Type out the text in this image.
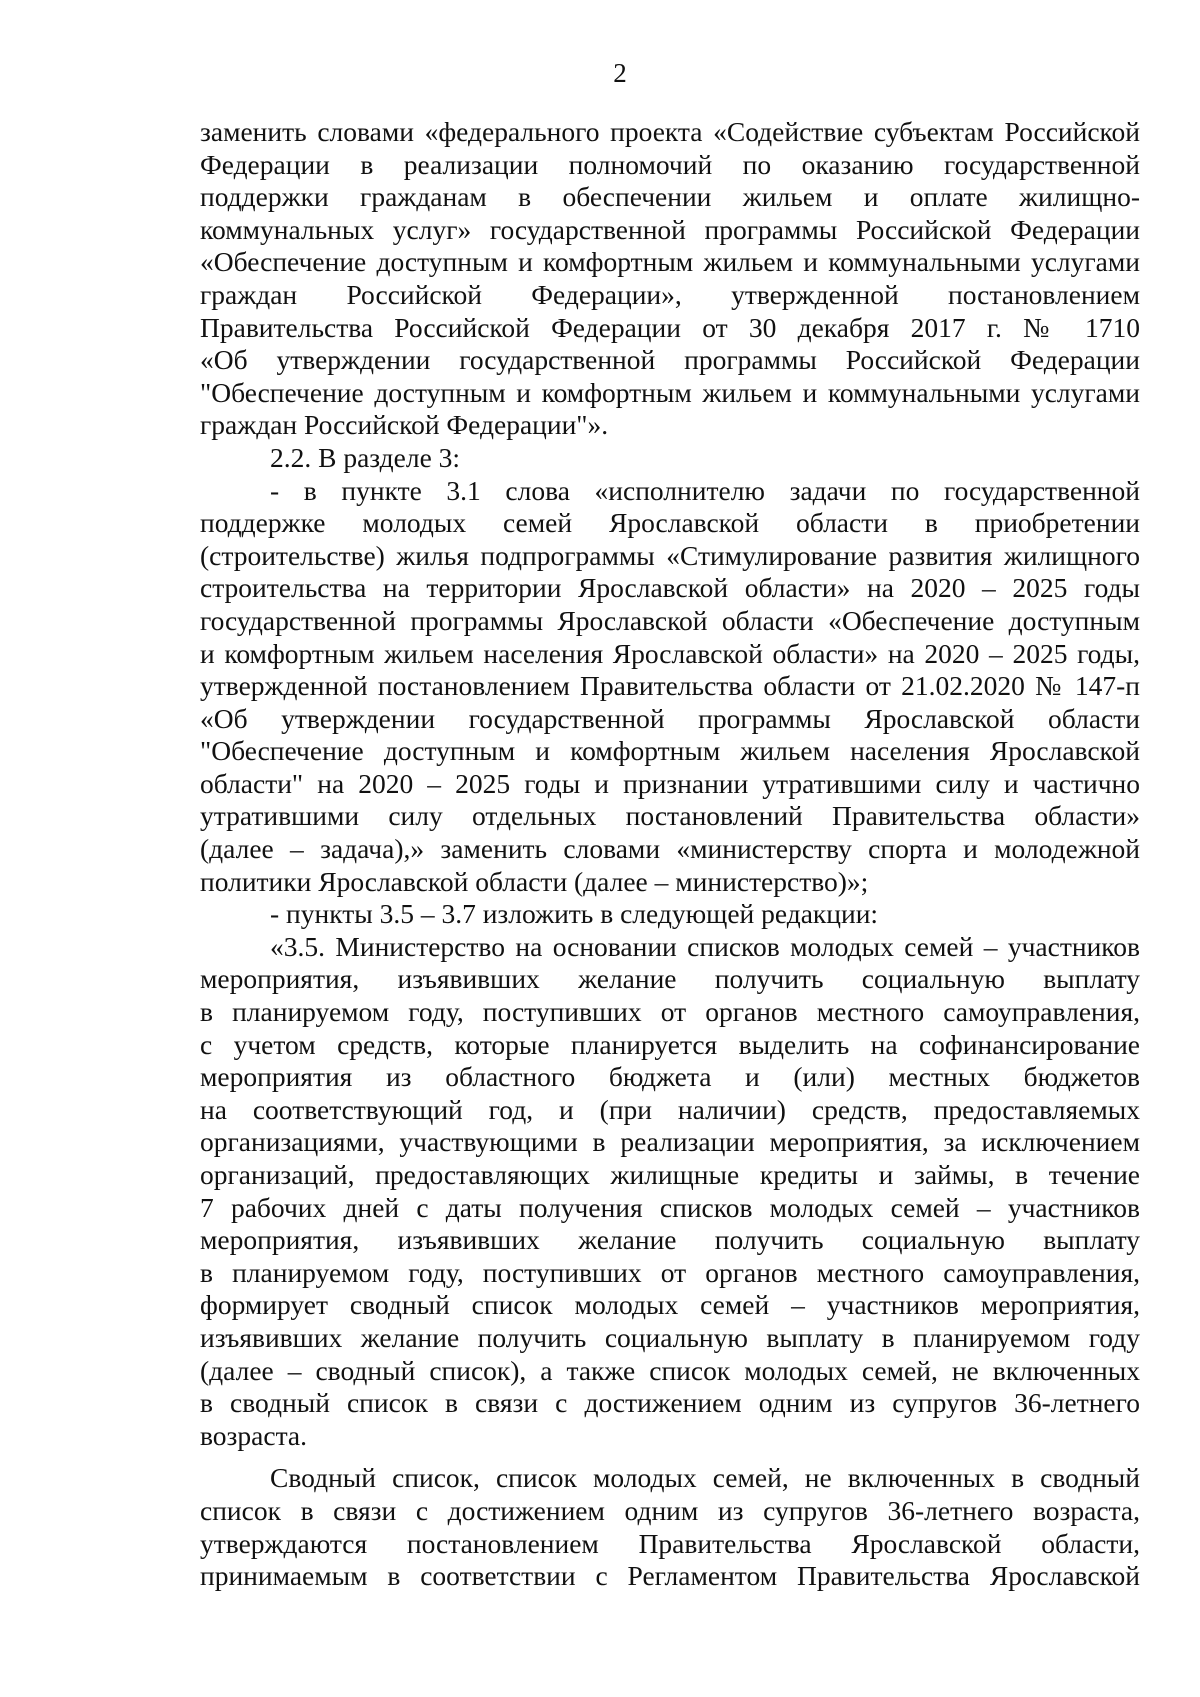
2
заменить словами «федерального проекта «Содействие субъектам Российской
Федерации в реализации полномочий по оказанию государственной
поддержки гражданам в обеспечении жильем и оплате жилищно-
коммунальных услуг» государственной программы Российской Федерации
«Обеспечение доступным и комфортным жильем и коммунальными услугами
граждан Российской Федерации», утвержденной постановлением
Правительства Российской Федерации от 30 декабря 2017 г. № 1710
«Об утверждении государственной программы Российской Федерации
"Обеспечение доступным и комфортным жильем и коммунальными услугами
граждан Российской Федерации"».
2.2. В разделе 3:
- в пункте 3.1 слова «исполнителю задачи по государственной
поддержке молодых семей Ярославской области в приобретении
(строительстве) жилья подпрограммы «Стимулирование развития жилищного
строительства на территории Ярославской области» на 2020 – 2025 годы
государственной программы Ярославской области «Обеспечение доступным
и комфортным жильем населения Ярославской области» на 2020 – 2025 годы,
утвержденной постановлением Правительства области от 21.02.2020 № 147-п
«Об утверждении государственной программы Ярославской области
"Обеспечение доступным и комфортным жильем населения Ярославской
области" на 2020 – 2025 годы и признании утратившими силу и частично
утратившими силу отдельных постановлений Правительства области»
(далее – задача),» заменить словами «министерству спорта и молодежной
политики Ярославской области (далее – министерство)»;
- пункты 3.5 – 3.7 изложить в следующей редакции:
«3.5. Министерство на основании списков молодых семей – участников
мероприятия, изъявивших желание получить социальную выплату
в планируемом году, поступивших от органов местного самоуправления,
с учетом средств, которые планируется выделить на софинансирование
мероприятия из областного бюджета и (или) местных бюджетов
на соответствующий год, и (при наличии) средств, предоставляемых
организациями, участвующими в реализации мероприятия, за исключением
организаций, предоставляющих жилищные кредиты и займы, в течение
7 рабочих дней с даты получения списков молодых семей – участников
мероприятия, изъявивших желание получить социальную выплату
в планируемом году, поступивших от органов местного самоуправления,
формирует сводный список молодых семей – участников мероприятия,
изъявивших желание получить социальную выплату в планируемом году
(далее – сводный список), а также список молодых семей, не включенных
в сводный список в связи с достижением одним из супругов 36-летнего
возраста.
Сводный список, список молодых семей, не включенных в сводный
список в связи с достижением одним из супругов 36-летнего возраста,
утверждаются постановлением Правительства Ярославской области,
принимаемым в соответствии с Регламентом Правительства Ярославской
